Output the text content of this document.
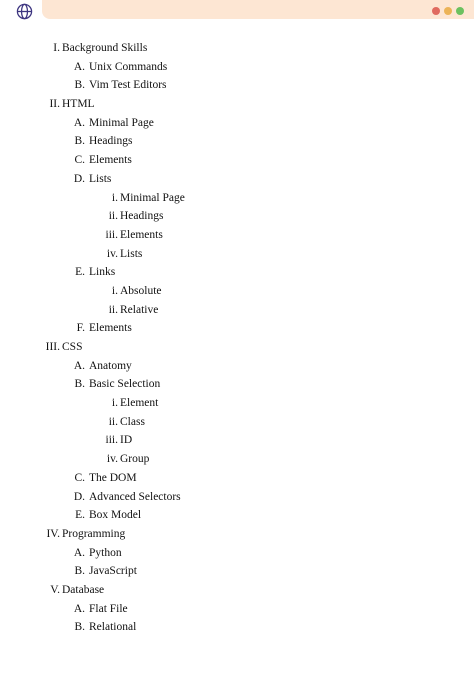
I. Background Skills
A. Unix Commands
B. Vim Test Editors
II. HTML
A. Minimal Page
B. Headings
C. Elements
D. Lists
i. Minimal Page
ii. Headings
iii. Elements
iv. Lists
E. Links
i. Absolute
ii. Relative
F. Elements
III. CSS
A. Anatomy
B. Basic Selection
i. Element
ii. Class
iii. ID
iv. Group
C. The DOM
D. Advanced Selectors
E. Box Model
IV. Programming
A. Python
B. JavaScript
V. Database
A. Flat File
B. Relational
